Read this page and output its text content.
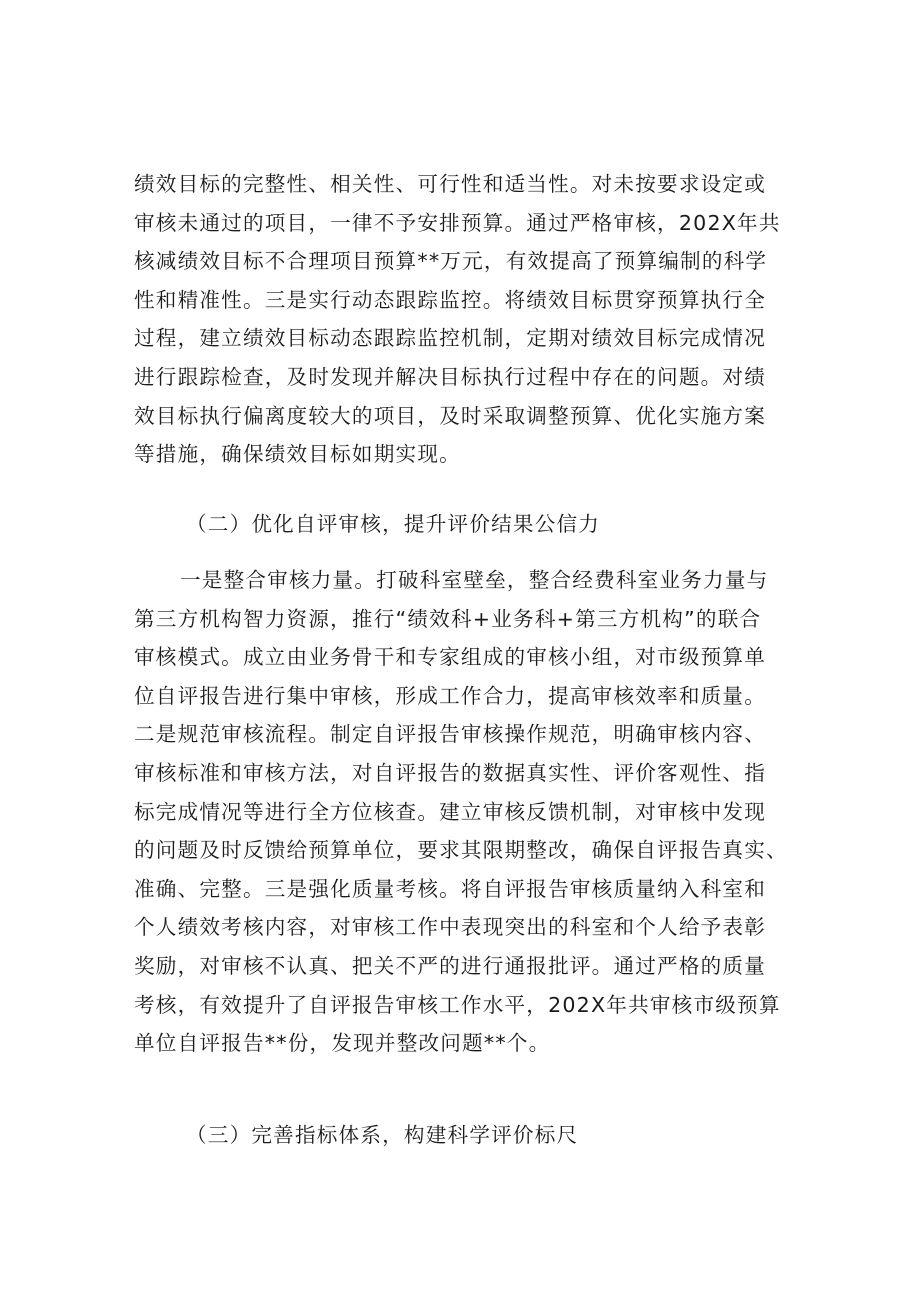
绩效目标的完整性、相关性、可行性和适当性。对未按要求设定或
审核未通过的项目，一律不予安排预算。通过严格审核，202X年共
核减绩效目标不合理项目预算**万元，有效提高了预算编制的科学
性和精准性。三是实行动态跟踪监控。将绩效目标贯穿预算执行全
过程，建立绩效目标动态跟踪监控机制，定期对绩效目标完成情况
进行跟踪检查，及时发现并解决目标执行过程中存在的问题。对绩
效目标执行偏离度较大的项目，及时采取调整预算、优化实施方案
等措施，确保绩效目标如期实现。
（二）优化自评审核，提升评价结果公信力
一是整合审核力量。打破科室壁垒，整合经费科室业务力量与
第三方机构智力资源，推行“绩效科+业务科+第三方机构”的联合
审核模式。成立由业务骨干和专家组成的审核小组，对市级预算单
位自评报告进行集中审核，形成工作合力，提高审核效率和质量。
二是规范审核流程。制定自评报告审核操作规范，明确审核内容、
审核标准和审核方法，对自评报告的数据真实性、评价客观性、指
标完成情况等进行全方位核查。建立审核反馈机制，对审核中发现
的问题及时反馈给预算单位，要求其限期整改，确保自评报告真实、
准确、完整。三是强化质量考核。将自评报告审核质量纳入科室和
个人绩效考核内容，对审核工作中表现突出的科室和个人给予表彰
奖励，对审核不认真、把关不严的进行通报批评。通过严格的质量
考核，有效提升了自评报告审核工作水平，202X年共审核市级预算
单位自评报告**份，发现并整改问题**个。
（三）完善指标体系，构建科学评价标尺
